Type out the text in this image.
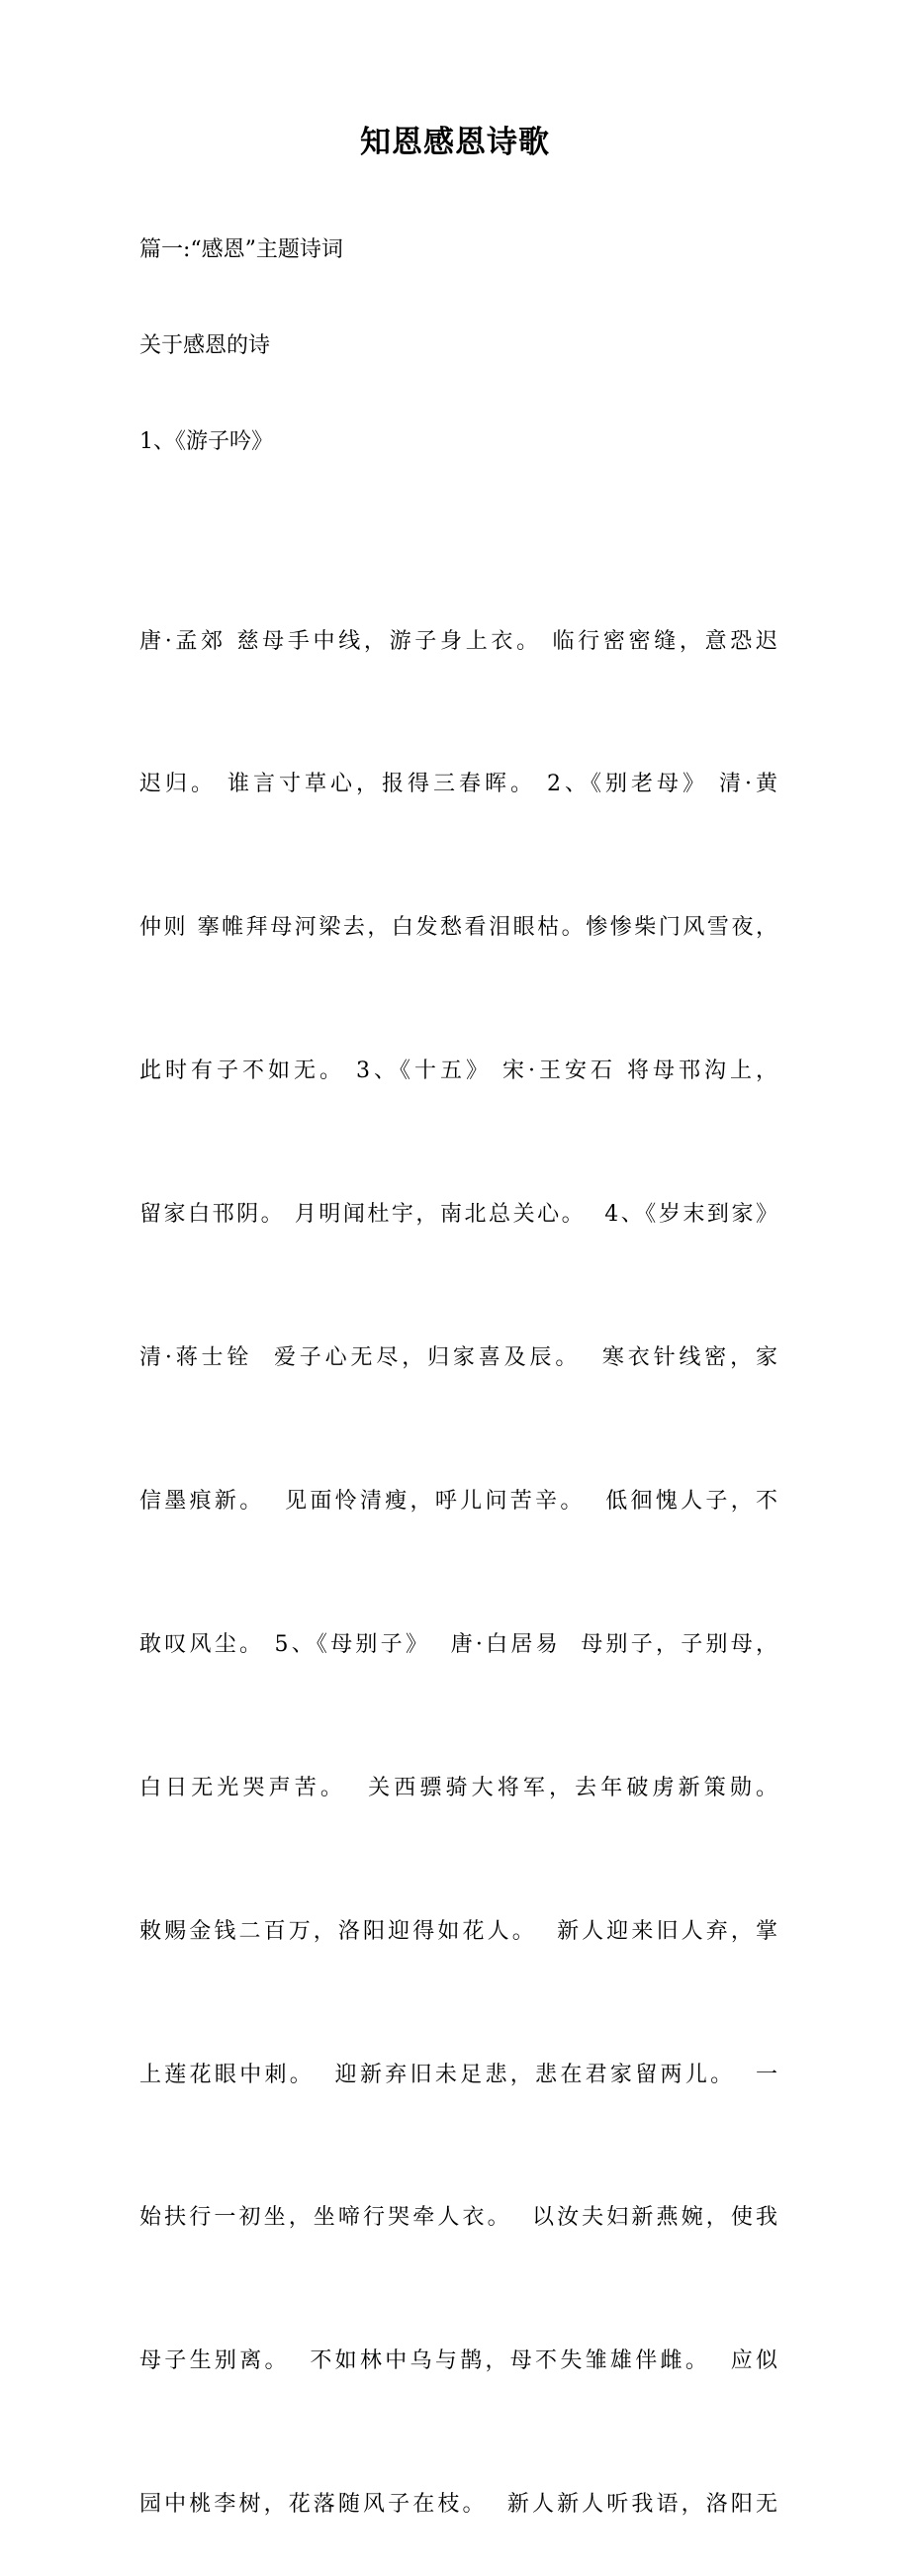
知恩感恩诗歌
篇一:“感恩”主题诗词
关于感恩的诗
1、《游子吟》

唐·孟郊 慈母手中线，游子身上衣。 临行密密缝，意恐迟

迟归。 谁言寸草心，报得三春晖。 2、《别老母》 清·黄

仲则 搴帷拜母河梁去，白发愁看泪眼枯。惨惨柴门风雪夜，

此时有子不如无。 3、《十五》 宋·王安石 将母邗沟上，

留家白邗阴。 月明闻杜宇，南北总关心。  4、《岁末到家》

清·蒋士铨  爱子心无尽，归家喜及辰。  寒衣针线密，家

信墨痕新。  见面怜清瘦，呼儿问苦辛。  低徊愧人子，不

敢叹风尘。 5、《母别子》  唐·白居易  母别子，子别母，

白日无光哭声苦。  关西骠骑大将军，去年破虏新策勋。

敕赐金钱二百万，洛阳迎得如花人。  新人迎来旧人弃，掌

上莲花眼中刺。  迎新弃旧未足悲，悲在君家留两儿。  一

始扶行一初坐，坐啼行哭牵人衣。  以汝夫妇新燕婉，使我

母子生别离。  不如林中乌与鹊，母不失雏雄伴雌。  应似

园中桃李树，花落随风子在枝。  新人新人听我语，洛阳无
